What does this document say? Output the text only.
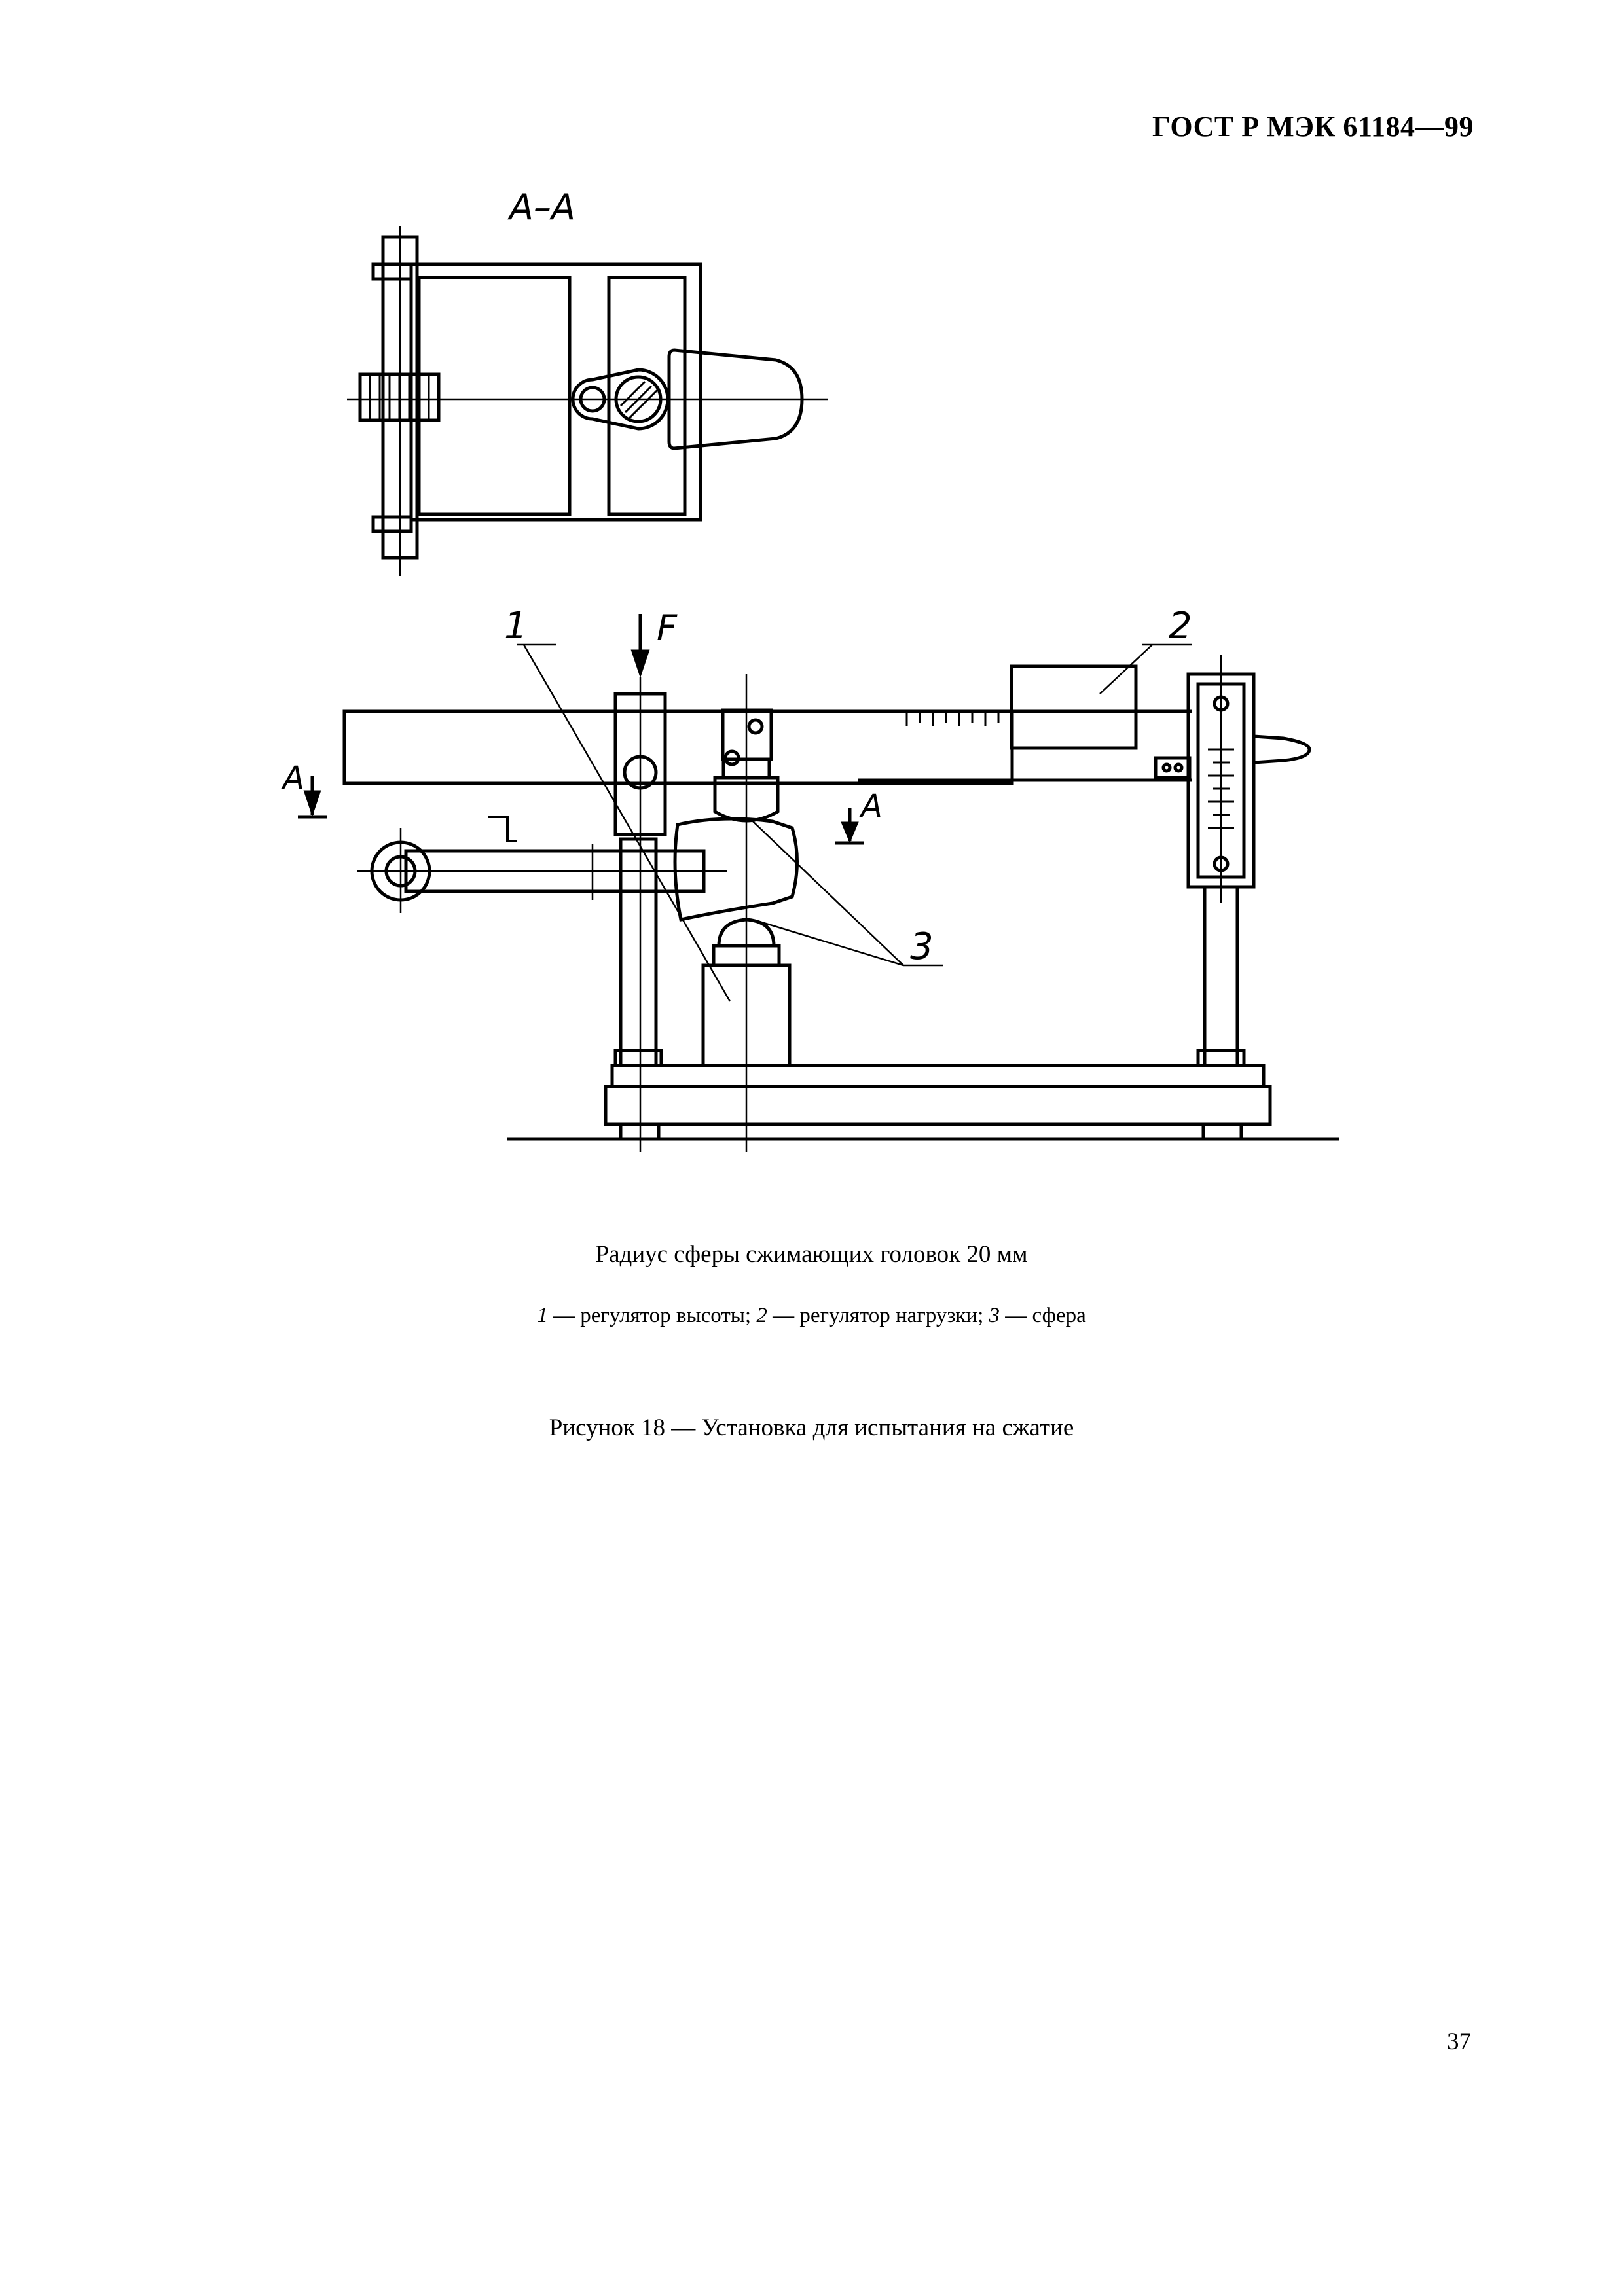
ГОСТ Р МЭК 61184—99
А–А
F
А
А
1	2
3
Радиус сферы сжимающих головок 20 мм
1 — регулятор высоты; 2 — регулятор нагрузки; 3 — сфера
Рисунок 18 — Установка для испытания на сжатие
37
